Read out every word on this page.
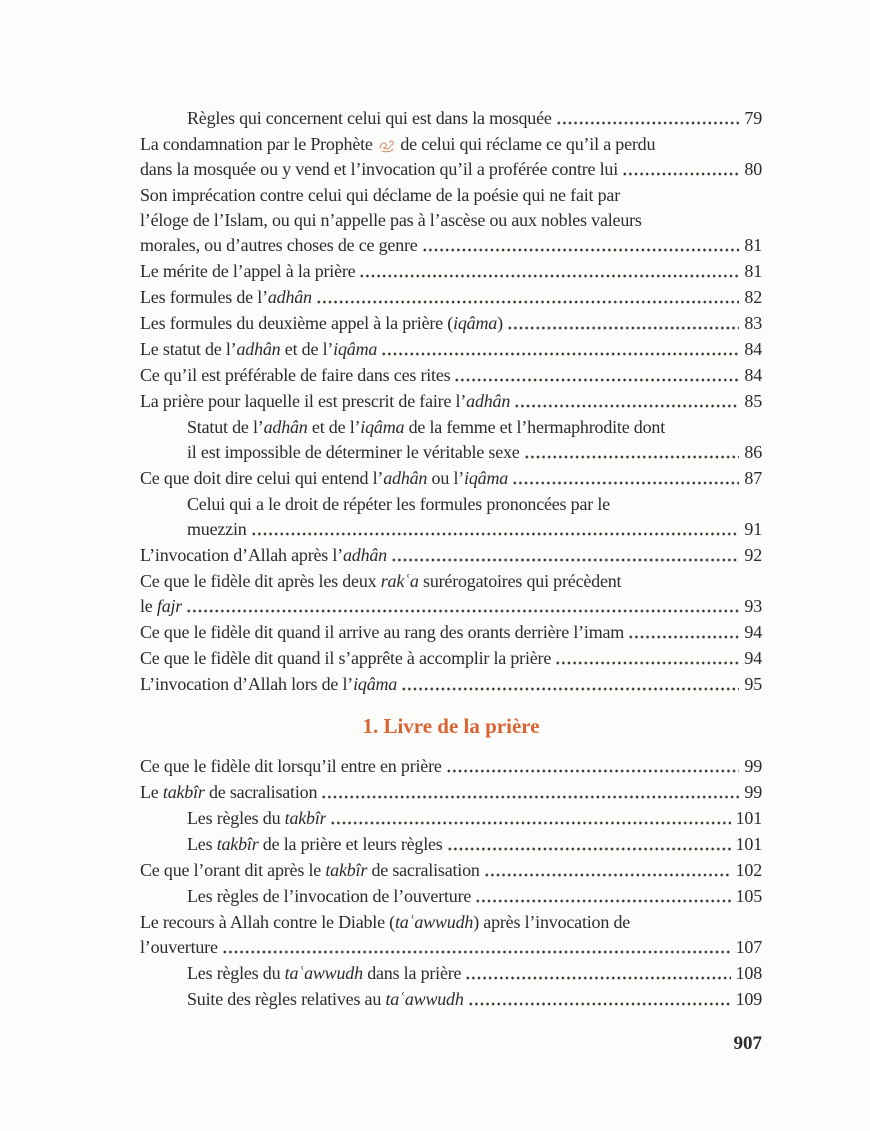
Règles qui concernent celui qui est dans la mosquée	79
La condamnation par le Prophète  de celui qui réclame ce qu’il a perdu
dans la mosquée ou y vend et l’invocation qu’il a proférée contre lui	80
Son imprécation contre celui qui déclame de la poésie qui ne fait par
l’éloge de l’Islam, ou qui n’appelle pas à l’ascèse ou aux nobles valeurs
morales, ou d’autres choses de ce genre	81
Le mérite de l’appel à la prière	81
Les formules de l’adhân	82
Les formules du deuxième appel à la prière (iqâma)	83
Le statut de l’adhân et de l’iqâma	84
Ce qu’il est préférable de faire dans ces rites	84
La prière pour laquelle il est prescrit de faire l’adhân	85
Statut de l’adhân et de l’iqâma de la femme et l’hermaphrodite dont
il est impossible de déterminer le véritable sexe	86
Ce que doit dire celui qui entend l’adhân ou l’iqâma	87
Celui qui a le droit de répéter les formules prononcées par le
muezzin	91
L’invocation d’Allah après l’adhân	92
Ce que le fidèle dit après les deux rakʿa surérogatoires qui précèdent
le fajr	93
Ce que le fidèle dit quand il arrive au rang des orants derrière l’imam	94
Ce que le fidèle dit quand il s’apprête à accomplir la prière	94
L’invocation d’Allah lors de l’iqâma	95
1. Livre de la prière
Ce que le fidèle dit lorsqu’il entre en prière	99
Le takbîr de sacralisation	99
Les règles du takbîr	101
Les takbîr de la prière et leurs règles	101
Ce que l’orant dit après le takbîr de sacralisation	102
Les règles de l’invocation de l’ouverture	105
Le recours à Allah contre le Diable (taʿawwudh) après l’invocation de
l’ouverture	107
Les règles du taʿawwudh dans la prière	108
Suite des règles relatives au taʿawwudh	109
907
